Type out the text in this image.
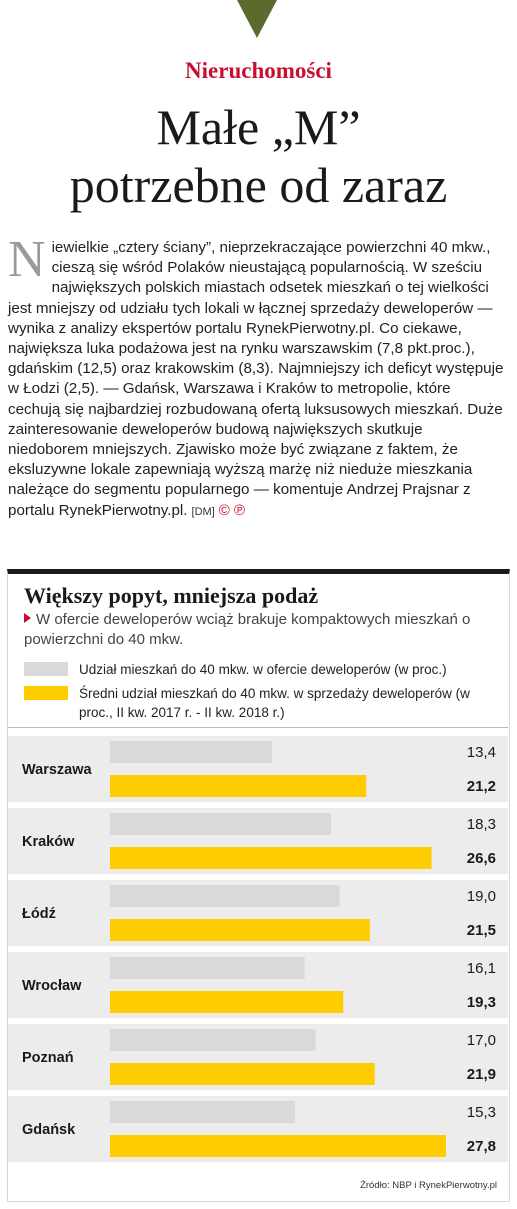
Nieruchomości
Małe „M”
potrzebne od zaraz
Niewielkie „cztery ściany”, nieprzekraczające powierzchni 40 mkw., cieszą się wśród Polaków nieustającą popularnością. W sześciu największych polskich miastach odsetek mieszkań o tej wielkości jest mniejszy od udziału tych lokali w łącznej sprzedaży deweloperów — wynika z analizy ekspertów portalu RynekPierwotny.pl. Co ciekawe, największa luka podażowa jest na rynku warszawskim (7,8 pkt.proc.), gdańskim (12,5) oraz krakowskim (8,3). Najmniejszy ich deficyt występuje w Łodzi (2,5). — Gdańsk, Warszawa i Kraków to metropolie, które cechują się najbardziej rozbudowaną ofertą luksusowych mieszkań. Duże zainteresowanie deweloperów budową największych skutkuje niedoborem mniejszych. Zjawisko może być związane z faktem, że eksluzywne lokale zapewniają wyższą marżę niż nieduże mieszkania należące do segmentu popularnego — komentuje Andrzej Prajsnar z portalu RynekPierwotny.pl. [DM] © ℗
Większy popyt, mniejsza podaż
W ofercie deweloperów wciąż brakuje kompaktowych mieszkań o powierzchni do 40 mkw.
Udział mieszkań do 40 mkw. w ofercie deweloperów (w proc.)
Średni udział mieszkań do 40 mkw. w sprzedaży deweloperów (w proc., II kw. 2017 r. - II kw. 2018 r.)
Warszawa
13,4
21,2
Kraków
18,3
26,6
Łódź
19,0
21,5
Wrocław
16,1
19,3
Poznań
17,0
21,9
Gdańsk
15,3
27,8
Źródło: NBP i RynekPierwotny.pl
